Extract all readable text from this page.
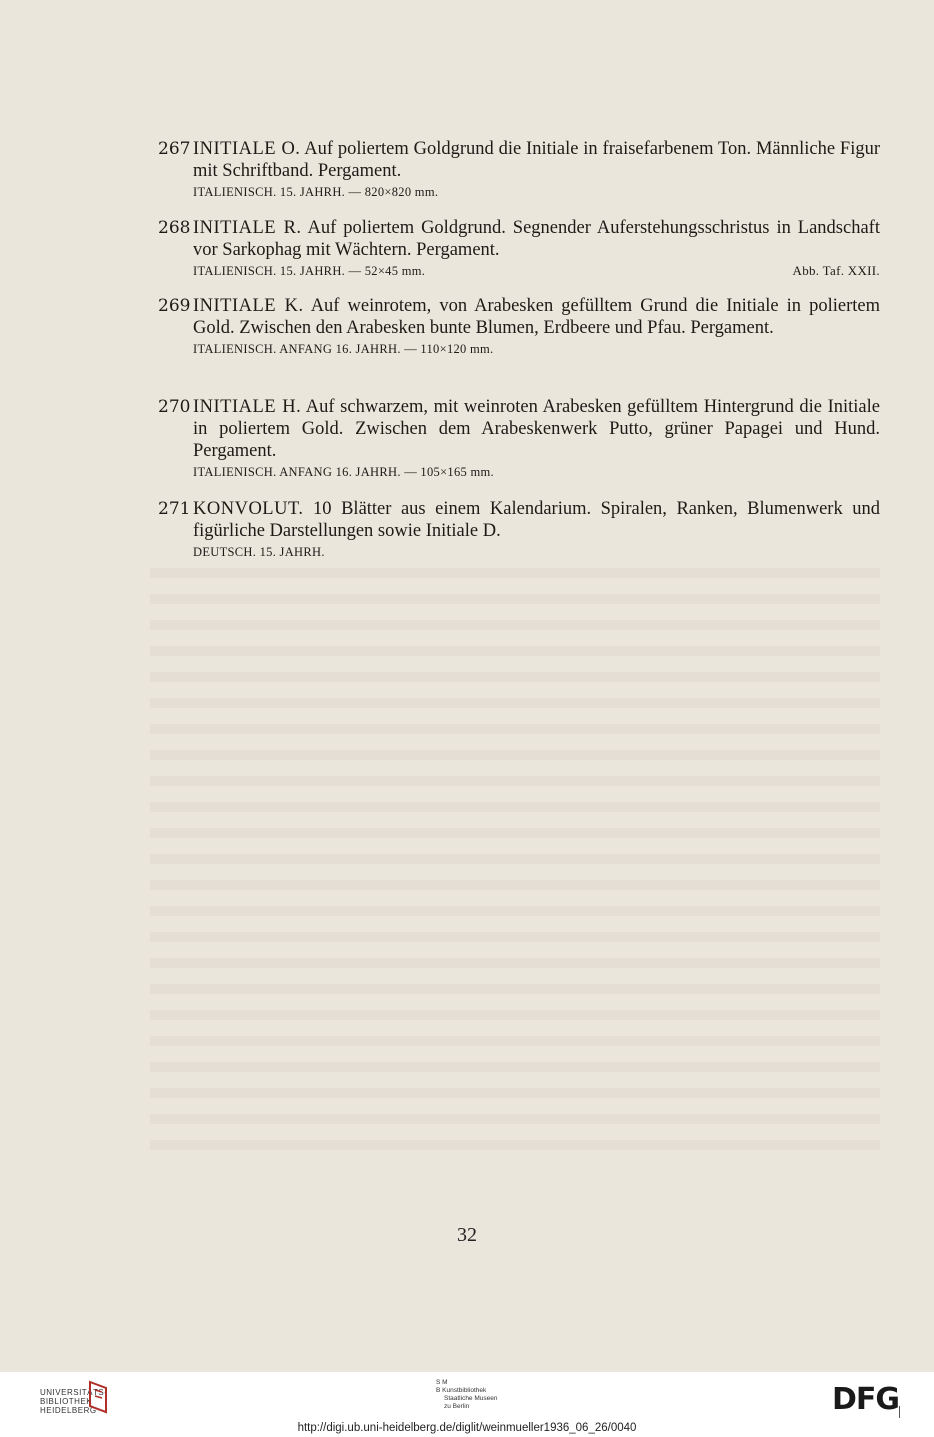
267 INITIALE O. Auf poliertem Goldgrund die Initiale in fraisefarbenem Ton. Männliche Figur mit Schriftband. Pergament.
ITALIENISCH. 15. JAHRH. — 820×820 mm.
268 INITIALE R. Auf poliertem Goldgrund. Segnender Auferstehungsschristus in Landschaft vor Sarkophag mit Wächtern. Pergament.
ITALIENISCH. 15. JAHRH. — 52×45 mm.	Abb. Taf. XXII.
269 INITIALE K. Auf weinrotem, von Arabesken gefülltem Grund die Initiale in poliertem Gold. Zwischen den Arabesken bunte Blumen, Erdbeere und Pfau. Pergament.
ITALIENISCH. ANFANG 16. JAHRH. — 110×120 mm.
270 INITIALE H. Auf schwarzem, mit weinroten Arabesken gefülltem Hintergrund die Initiale in poliertem Gold. Zwischen dem Arabeskenwerk Putto, grüner Papagei und Hund. Pergament.
ITALIENISCH. ANFANG 16. JAHRH. — 105×165 mm.
271 KONVOLUT. 10 Blätter aus einem Kalendarium. Spiralen, Ranken, Blumenwerk und figürliche Darstellungen sowie Initiale D.
DEUTSCH. 15. JAHRH.
32
UNIVERSITÄTS-
BIBLIOTHEK
HEIDELBERG
S M
B Kunstbibliothek
Staatliche Museen
zu Berlin	DFG
http://digi.ub.uni-heidelberg.de/diglit/weinmueller1936_06_26/0040
